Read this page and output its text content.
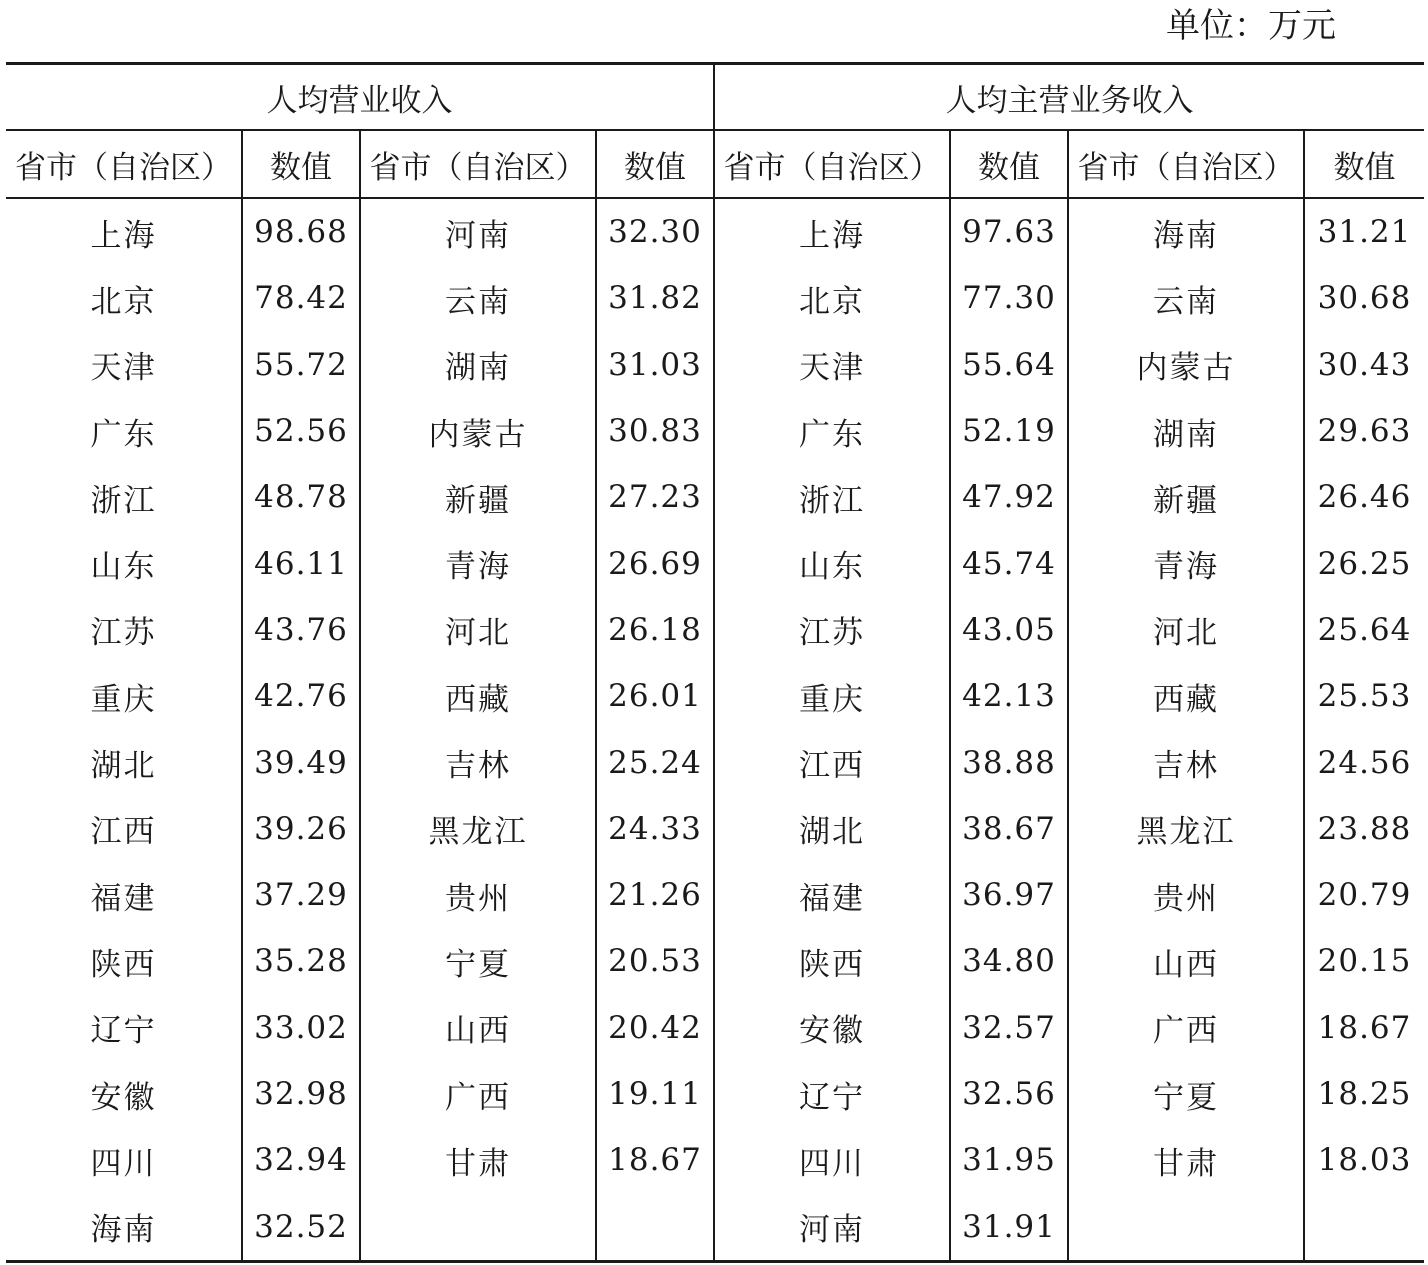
单位：万元
人均营业收入				人均主营业务收入			
省市（自治区）	数值	省市（自治区）	数值	省市（自治区）	数值	省市（自治区）	数值
上海	98.68	河南	32.30	上海	97.63	海南	31.21
北京	78.42	云南	31.82	北京	77.30	云南	30.68
天津	55.72	湖南	31.03	天津	55.64	内蒙古	30.43
广东	52.56	内蒙古	30.83	广东	52.19	湖南	29.63
浙江	48.78	新疆	27.23	浙江	47.92	新疆	26.46
山东	46.11	青海	26.69	山东	45.74	青海	26.25
江苏	43.76	河北	26.18	江苏	43.05	河北	25.64
重庆	42.76	西藏	26.01	重庆	42.13	西藏	25.53
湖北	39.49	吉林	25.24	江西	38.88	吉林	24.56
江西	39.26	黑龙江	24.33	湖北	38.67	黑龙江	23.88
福建	37.29	贵州	21.26	福建	36.97	贵州	20.79
陕西	35.28	宁夏	20.53	陕西	34.80	山西	20.15
辽宁	33.02	山西	20.42	安徽	32.57	广西	18.67
安徽	32.98	广西	19.11	辽宁	32.56	宁夏	18.25
四川	32.94	甘肃	18.67	四川	31.95	甘肃	18.03
海南	32.52			河南	31.91		
